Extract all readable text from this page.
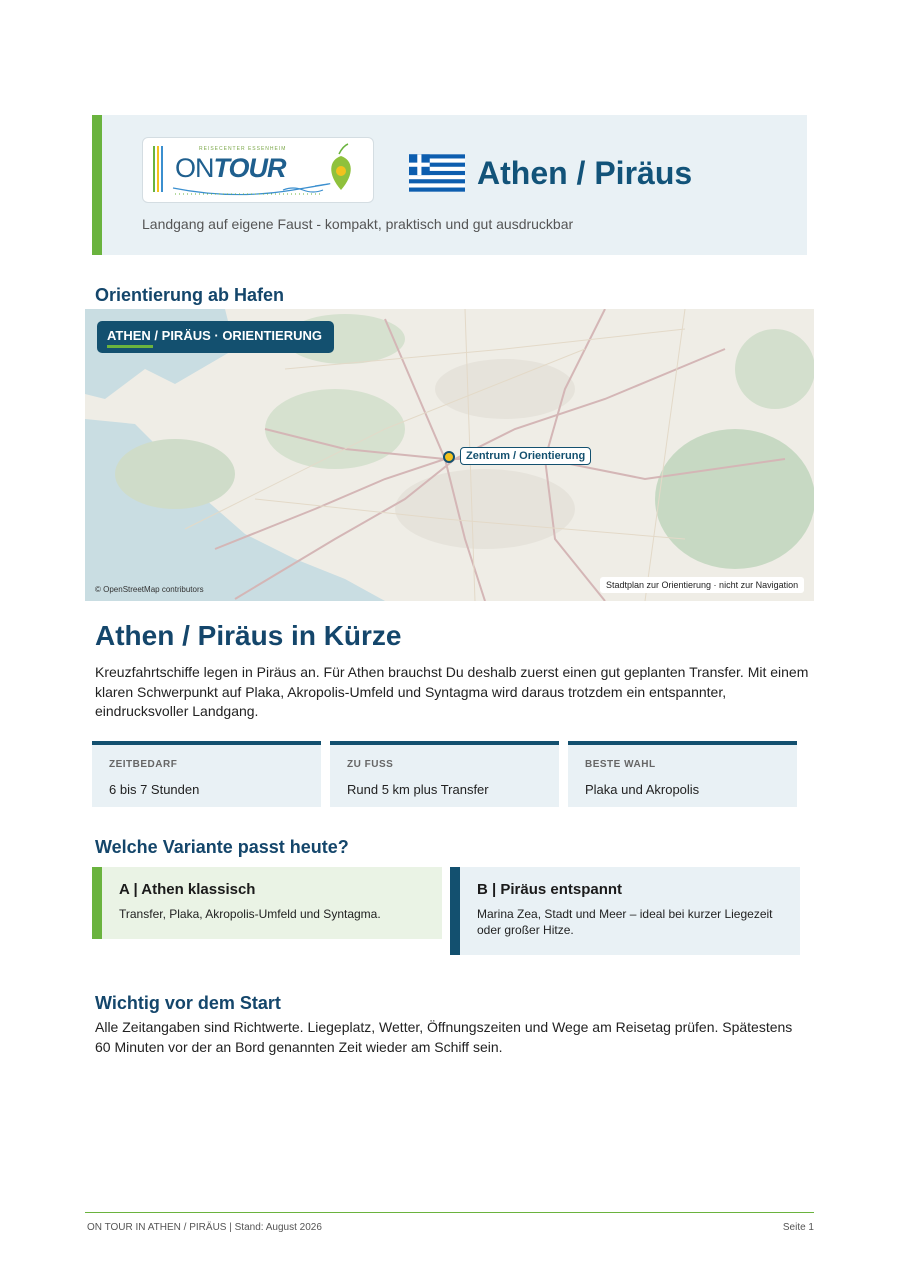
REISECENTER ESSENHEIM
ONTOUR	Athen / Piräus
Landgang auf eigene Faust - kompakt, praktisch und gut ausdruckbar
Orientierung ab Hafen
ATHEN / PIRÄUS · ORIENTIERUNG
Zentrum / Orientierung
© OpenStreetMap contributors	Stadtplan zur Orientierung · nicht zur Navigation
Athen / Piräus in Kürze

Kreuzfahrtschiffe legen in Piräus an. Für Athen brauchst Du deshalb zuerst einen gut geplanten Transfer. Mit einem klaren Schwerpunkt auf Plaka, Akropolis-Umfeld und Syntagma wird daraus trotzdem ein entspannter, eindrucksvoller Landgang.

ZEITBEDARF
6 bis 7 Stunden
ZU FUSS
Rund 5 km plus Transfer
BESTE WAHL
Plaka und Akropolis
Welche Variante passt heute?

A | Athen klassisch

Transfer, Plaka, Akropolis-Umfeld und Syntagma.

B | Piräus entspannt

Marina Zea, Stadt und Meer – ideal bei kurzer Liegezeit oder großer Hitze.

Wichtig vor dem Start

Alle Zeitangaben sind Richtwerte. Liegeplatz, Wetter, Öffnungszeiten und Wege am Reisetag prüfen. Spätestens 60 Minuten vor der an Bord genannten Zeit wieder am Schiff sein.

ON TOUR IN ATHEN / PIRÄUS | Stand: August 2026	Seite 1
